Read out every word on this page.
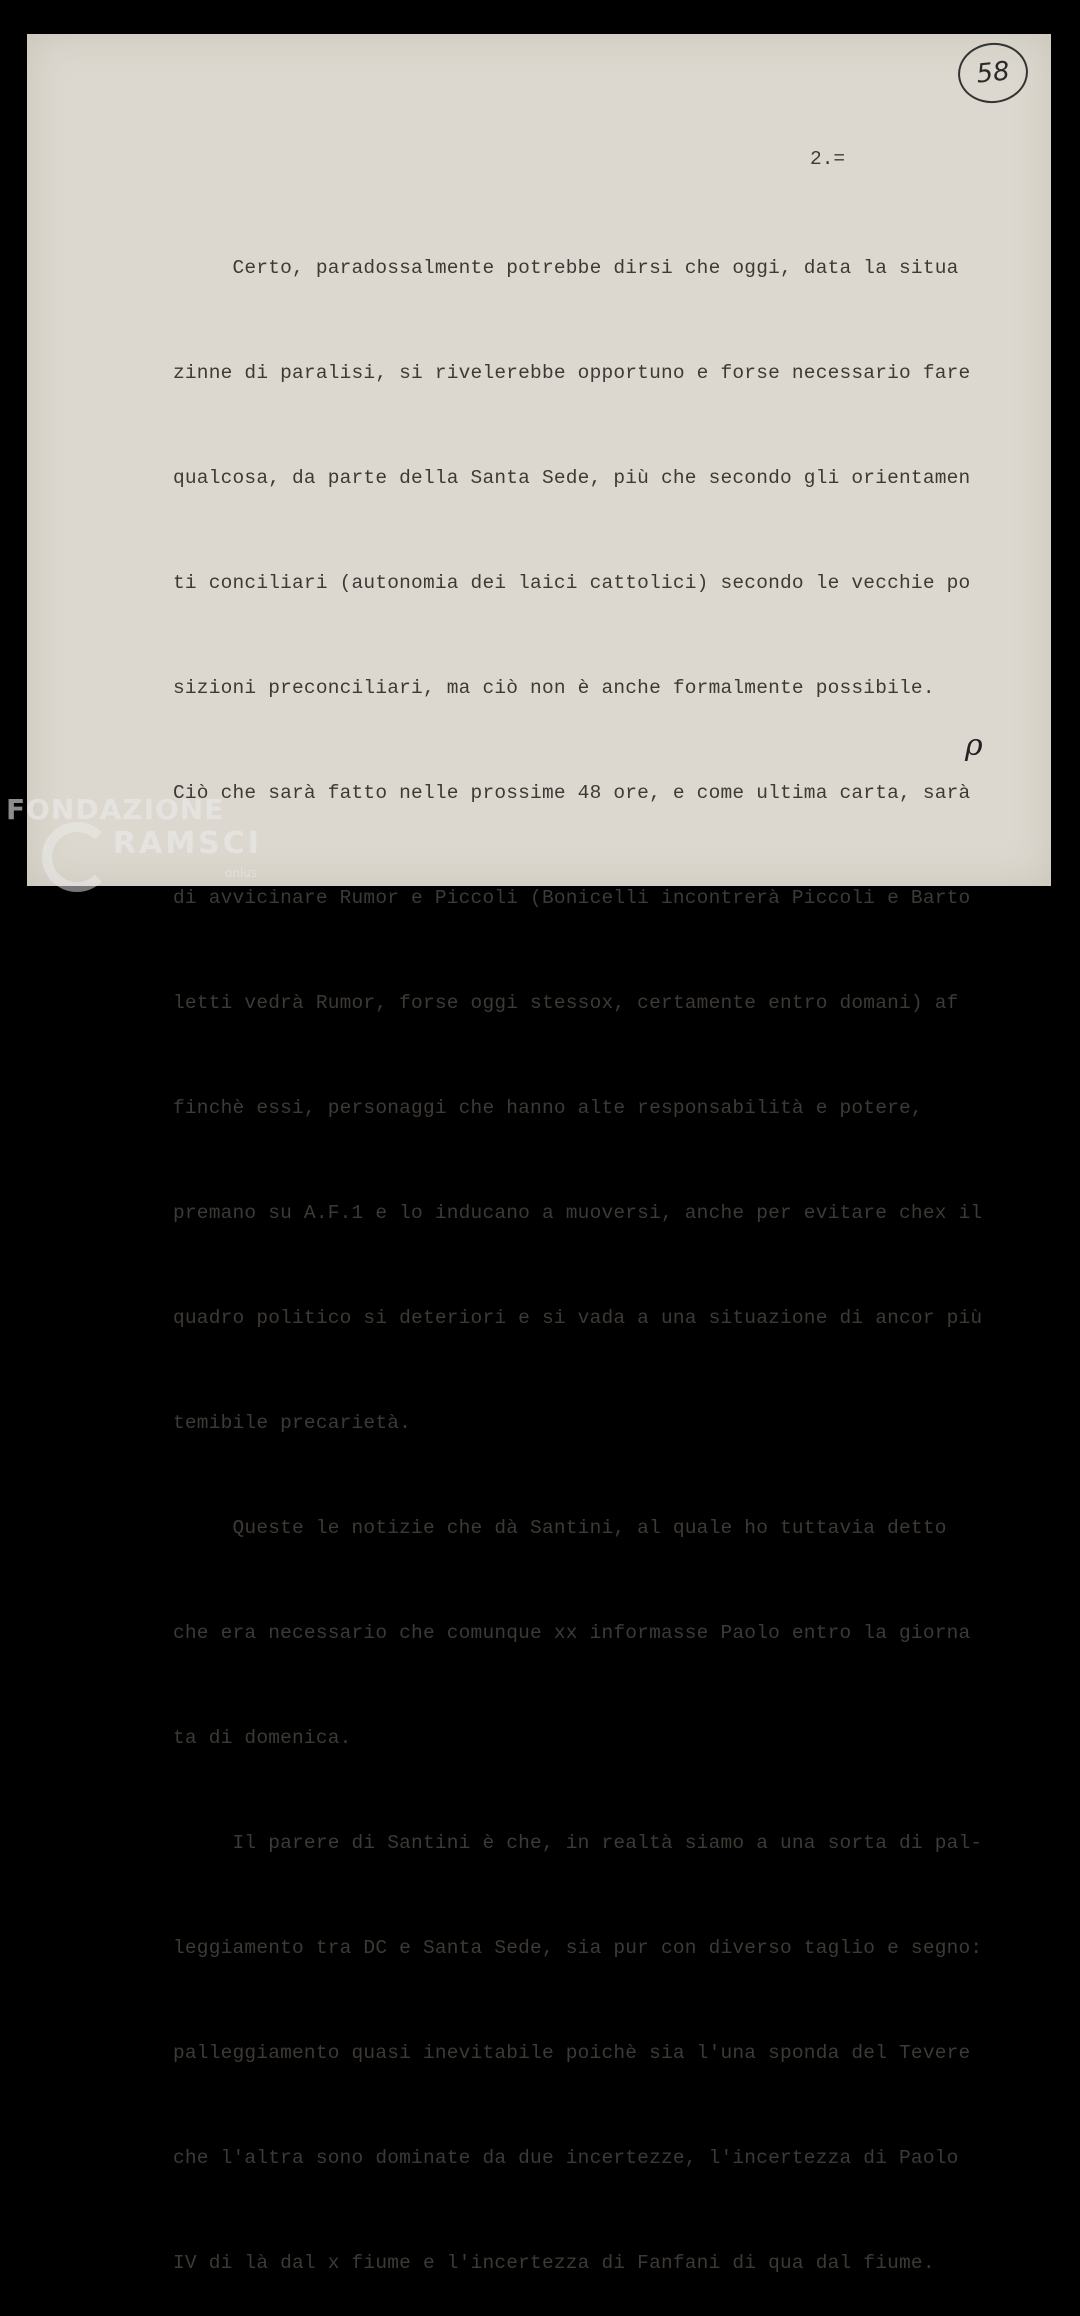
58
2.=

Certo, paradossalmente potrebbe dirsi che oggi, data la situa

zinne di paralisi, si rivelerebbe opportuno e forse necessario fare

qualcosa, da parte della Santa Sede, più che secondo gli orientamen

ti conciliari (autonomia dei laici cattolici) secondo le vecchie po

sizioni preconciliari, ma ciò non è anche formalmente possibile.

Ciò che sarà fatto nelle prossime 48 ore, e come ultima carta, sarà

di avvicinare Rumor e Piccoli (Bonicelli incontrerà Piccoli e Barto

letti vedrà Rumor, forse oggi stessox, certamente entro domani) af

finchè essi, personaggi che hanno alte responsabilità e potere,

premano su A.F.1 e lo inducano a muoversi, anche per evitare chex il

quadro politico si deteriori e si vada a una situazione di ancor più

temibile precarietà.

Queste le notizie che dà Santini, al quale ho tuttavia detto

che era necessario che comunque xx informasse Paolo entro la giorna

ta di domenica.

Il parere di Santini è che, in realtà siamo a una sorta di pal-

leggiamento tra DC e Santa Sede, sia pur con diverso taglio e segno:

palleggiamento quasi inevitabile poichè sia l'una sponda del Tevere

che l'altra sono dominate da due incertezze, l'incertezza di Paolo

IV di là dal x fiume e l'incertezza di Fanfani di qua dal fiume.

ρ
FONDAZIONE
RAMSCI
onlus
